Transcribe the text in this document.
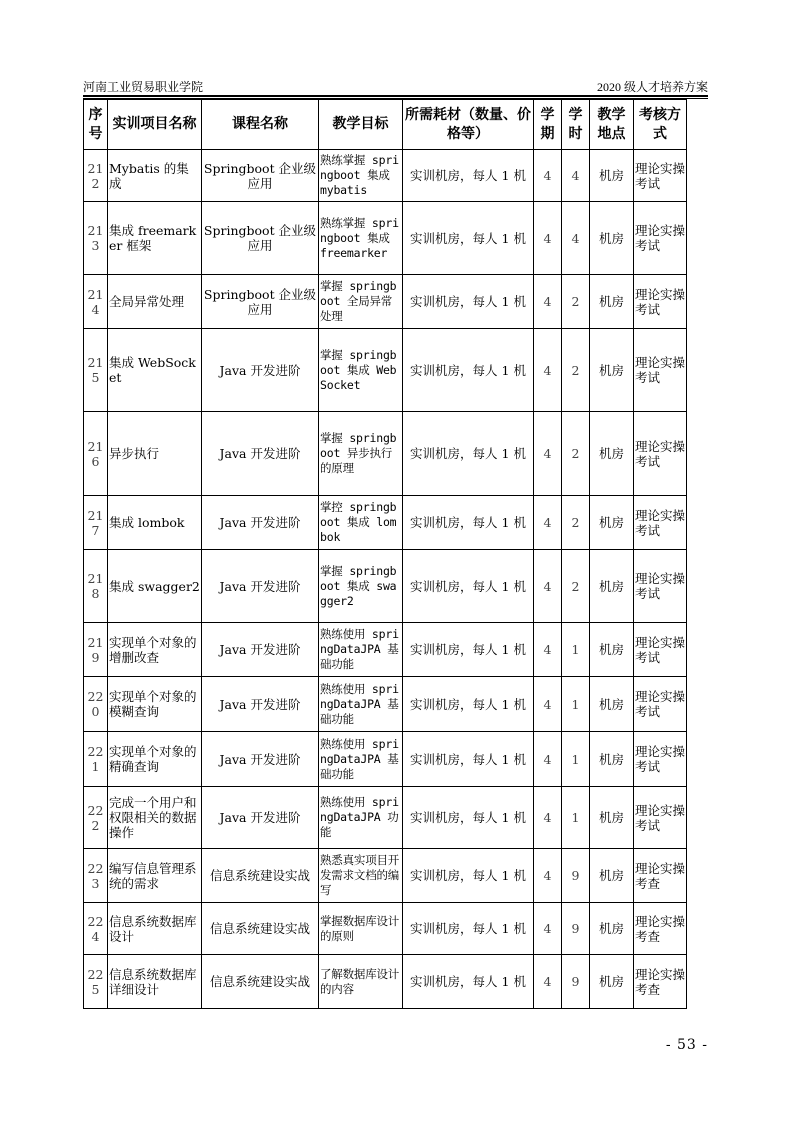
河南工业贸易职业学院	2020 级人才培养方案
序号	实训项目名称	课程名称	教学目标	所需耗材（数量、价格等）	学期	学时	教学地点	考核方式
212	Mybatis 的集成	Springboot 企业级应用	熟练掌握 springboot 集成 mybatis	实训机房，每人 1 机	4	4	机房	理论实操考试
213	集成 freemarker 框架	Springboot 企业级应用	熟练掌握 springboot 集成 freemarker	实训机房，每人 1 机	4	4	机房	理论实操考试
214	全局异常处理	Springboot 企业级应用	掌握 springboot 全局异常处理	实训机房，每人 1 机	4	2	机房	理论实操考试
215	集成 WebSocket	Java 开发进阶	掌握 springboot 集成 WebSocket	实训机房，每人 1 机	4	2	机房	理论实操考试
216	异步执行	Java 开发进阶	掌握 springboot 异步执行的原理	实训机房，每人 1 机	4	2	机房	理论实操考试
217	集成 lombok	Java 开发进阶	掌控 springboot 集成 lombok	实训机房，每人 1 机	4	2	机房	理论实操考试
218	集成 swagger2	Java 开发进阶	掌握 springboot 集成 swagger2	实训机房，每人 1 机	4	2	机房	理论实操考试
219	实现单个对象的增删改查	Java 开发进阶	熟练使用 springDataJPA 基础功能	实训机房，每人 1 机	4	1	机房	理论实操考试
220	实现单个对象的模糊查询	Java 开发进阶	熟练使用 springDataJPA 基础功能	实训机房，每人 1 机	4	1	机房	理论实操考试
221	实现单个对象的精确查询	Java 开发进阶	熟练使用 springDataJPA 基础功能	实训机房，每人 1 机	4	1	机房	理论实操考试
222	完成一个用户和权限相关的数据操作	Java 开发进阶	熟练使用 springDataJPA 功能	实训机房，每人 1 机	4	1	机房	理论实操考试
223	编写信息管理系统的需求	信息系统建设实战	熟悉真实项目开发需求文档的编写	实训机房，每人 1 机	4	9	机房	理论实操考查
224	信息系统数据库设计	信息系统建设实战	掌握数据库设计的原则	实训机房，每人 1 机	4	9	机房	理论实操考查
225	信息系统数据库详细设计	信息系统建设实战	了解数据库设计的内容	实训机房，每人 1 机	4	9	机房	理论实操考查
- 53 -
